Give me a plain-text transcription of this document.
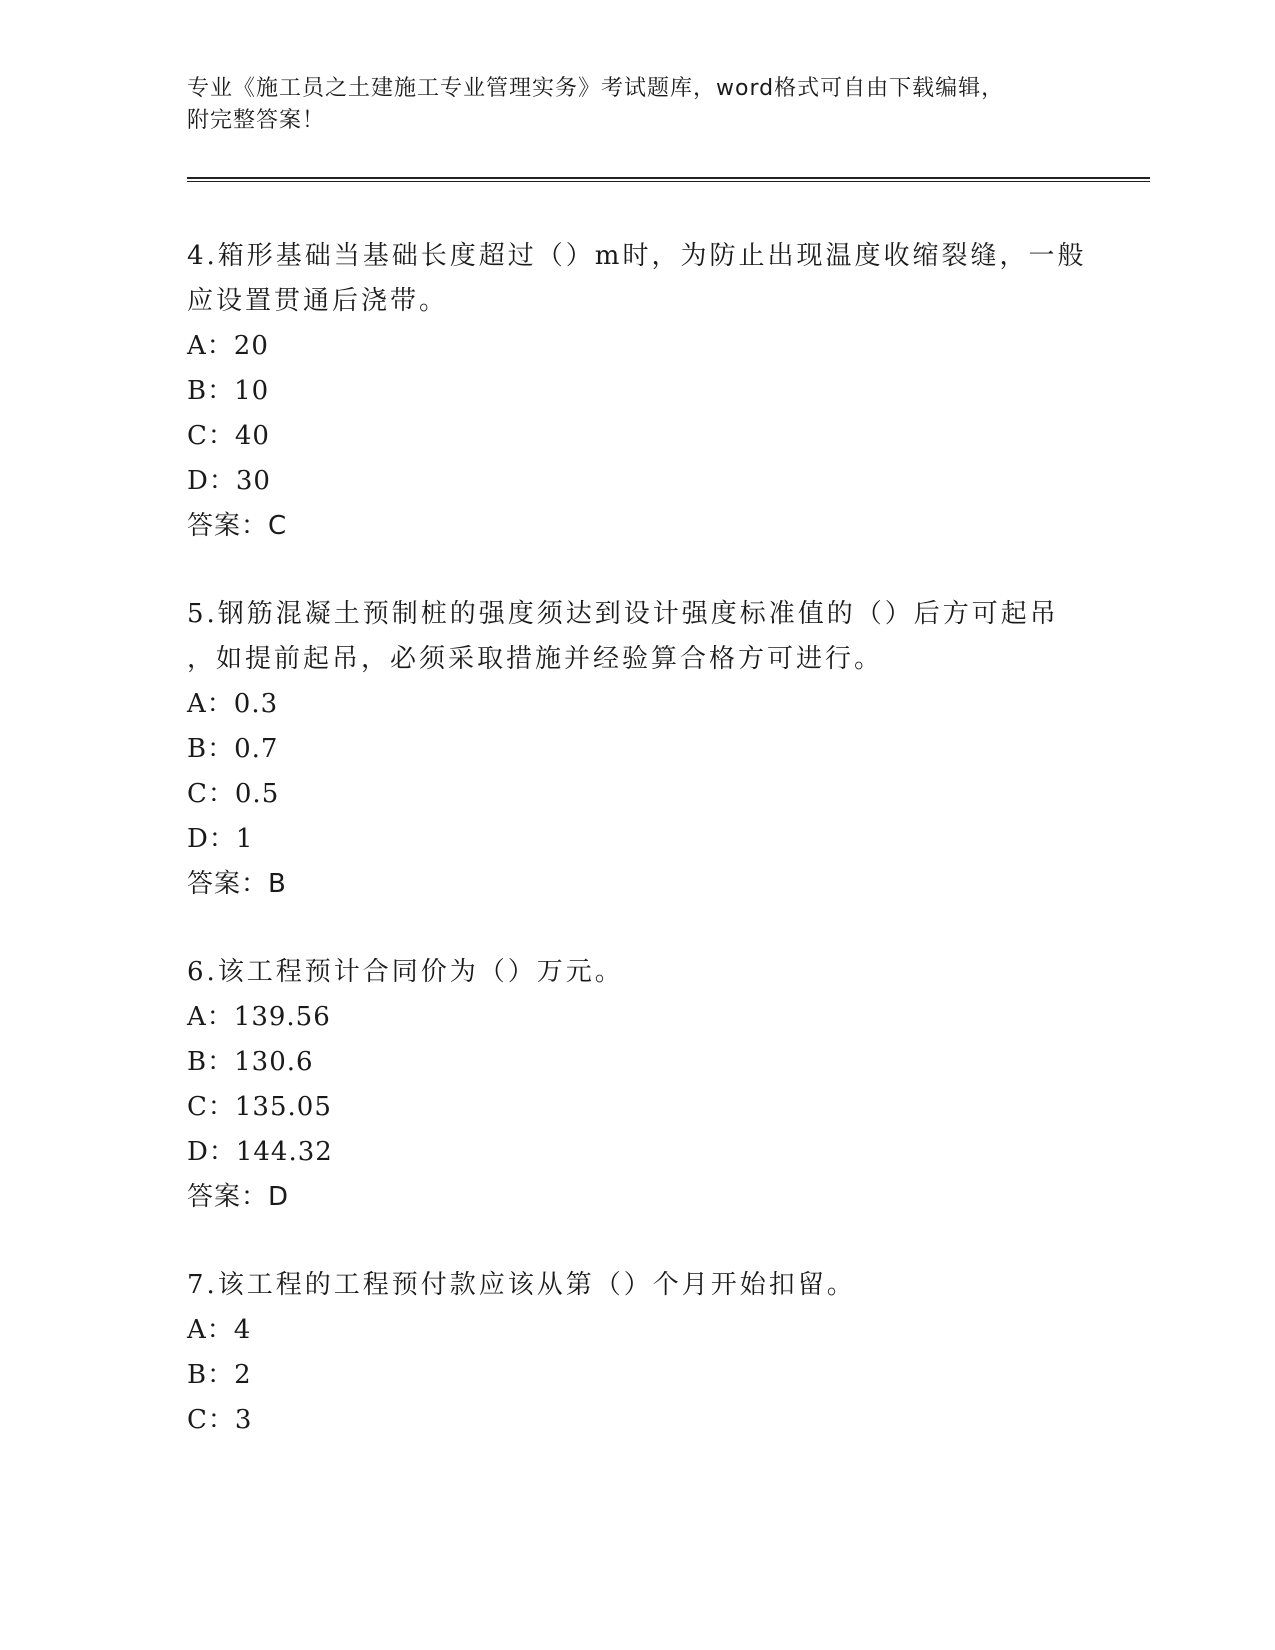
专业《施工员之土建施工专业管理实务》考试题库，word格式可自由下载编辑，
附完整答案！
4.箱形基础当基础长度超过（）m时，为防止出现温度收缩裂缝，一般
应设置贯通后浇带。
A：20
B：10
C：40
D：30
答案：C
5.钢筋混凝土预制桩的强度须达到设计强度标准值的（）后方可起吊
，如提前起吊，必须采取措施并经验算合格方可进行。
A：0.3
B：0.7
C：0.5
D：1
答案：B
6.该工程预计合同价为（）万元。
A：139.56
B：130.6
C：135.05
D：144.32
答案：D
7.该工程的工程预付款应该从第（）个月开始扣留。
A：4
B：2
C：3
